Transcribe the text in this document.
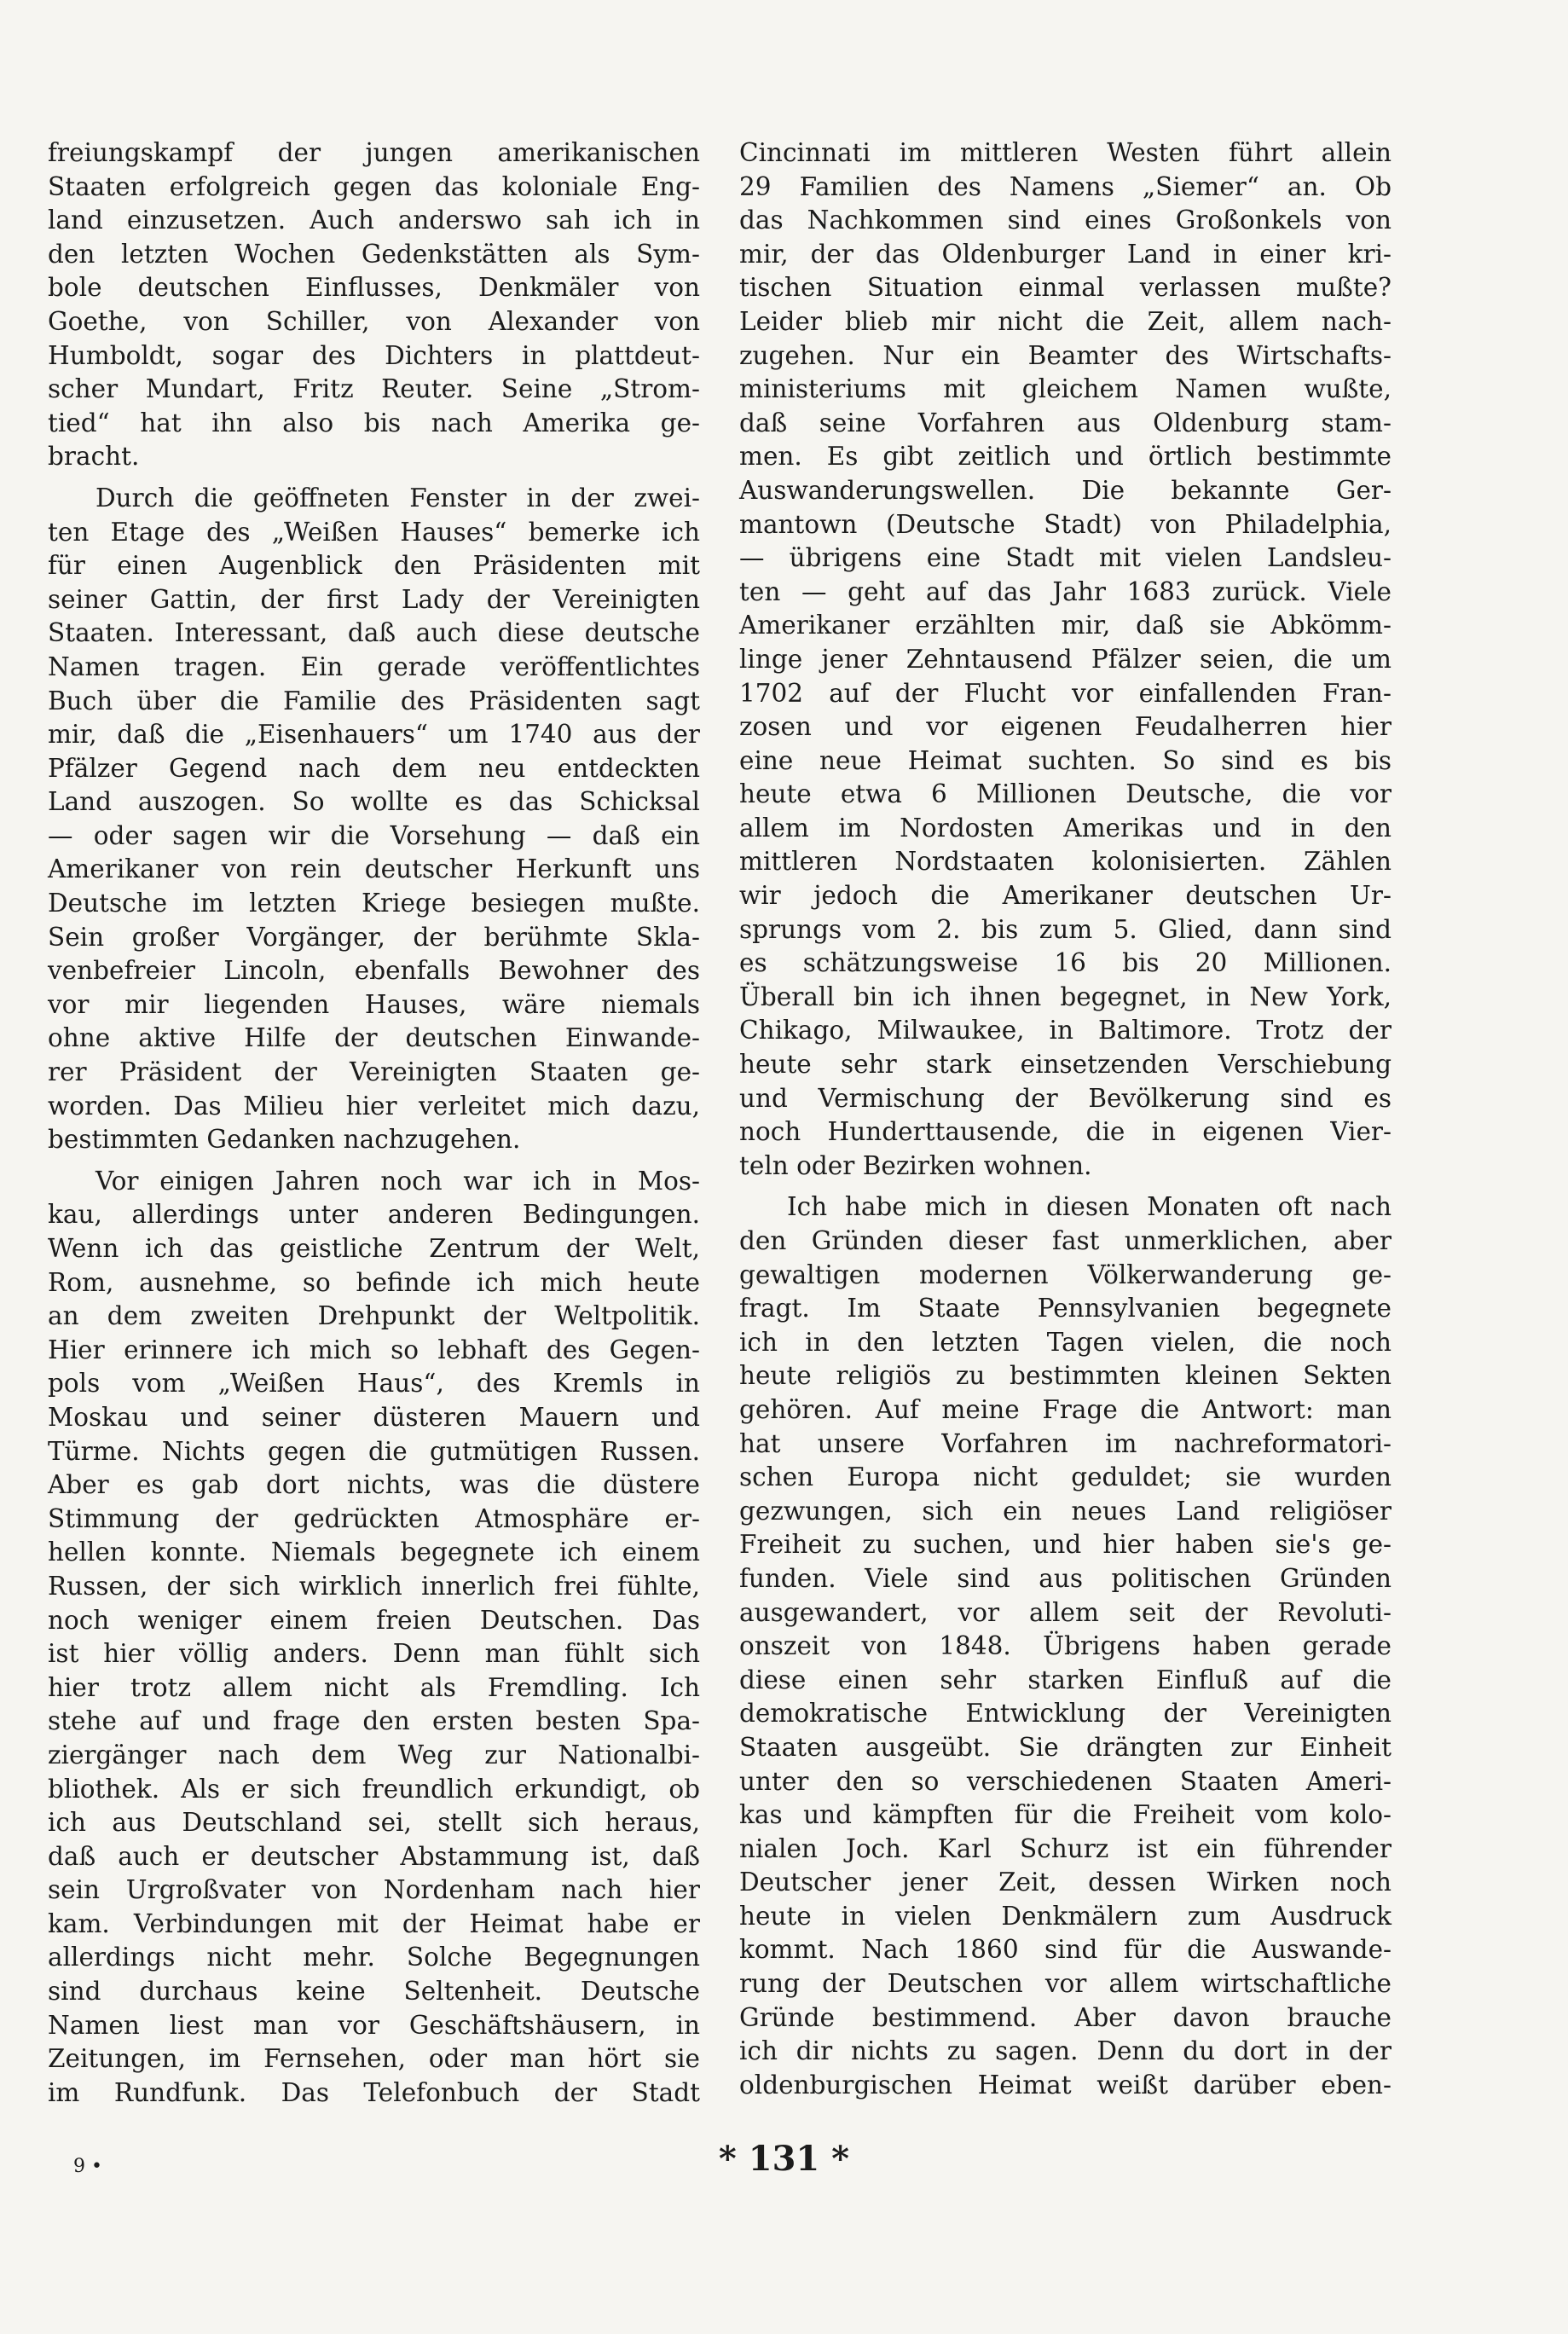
freiungskampf der jungen amerikanischen
Staaten erfolgreich gegen das koloniale Eng-
land einzusetzen. Auch anderswo sah ich in
den letzten Wochen Gedenkstätten als Sym-
bole deutschen Einflusses, Denkmäler von
Goethe, von Schiller, von Alexander von
Humboldt, sogar des Dichters in plattdeut-
scher Mundart, Fritz Reuter. Seine „Strom-
tied“ hat ihn also bis nach Amerika ge-
bracht.
Durch die geöffneten Fenster in der zwei-
ten Etage des „Weißen Hauses“ bemerke ich
für einen Augenblick den Präsidenten mit
seiner Gattin, der first Lady der Vereinigten
Staaten. Interessant, daß auch diese deutsche
Namen tragen. Ein gerade veröffentlichtes
Buch über die Familie des Präsidenten sagt
mir, daß die „Eisenhauers“ um 1740 aus der
Pfälzer Gegend nach dem neu entdeckten
Land auszogen. So wollte es das Schicksal
— oder sagen wir die Vorsehung — daß ein
Amerikaner von rein deutscher Herkunft uns
Deutsche im letzten Kriege besiegen mußte.
Sein großer Vorgänger, der berühmte Skla-
venbefreier Lincoln, ebenfalls Bewohner des
vor mir liegenden Hauses, wäre niemals
ohne aktive Hilfe der deutschen Einwande-
rer Präsident der Vereinigten Staaten ge-
worden. Das Milieu hier verleitet mich dazu,
bestimmten Gedanken nachzugehen.
Vor einigen Jahren noch war ich in Mos-
kau, allerdings unter anderen Bedingungen.
Wenn ich das geistliche Zentrum der Welt,
Rom, ausnehme, so befinde ich mich heute
an dem zweiten Drehpunkt der Weltpolitik.
Hier erinnere ich mich so lebhaft des Gegen-
pols vom „Weißen Haus“, des Kremls in
Moskau und seiner düsteren Mauern und
Türme. Nichts gegen die gutmütigen Russen.
Aber es gab dort nichts, was die düstere
Stimmung der gedrückten Atmosphäre er-
hellen konnte. Niemals begegnete ich einem
Russen, der sich wirklich innerlich frei fühlte,
noch weniger einem freien Deutschen. Das
ist hier völlig anders. Denn man fühlt sich
hier trotz allem nicht als Fremdling. Ich
stehe auf und frage den ersten besten Spa-
ziergänger nach dem Weg zur Nationalbi-
bliothek. Als er sich freundlich erkundigt, ob
ich aus Deutschland sei, stellt sich heraus,
daß auch er deutscher Abstammung ist, daß
sein Urgroßvater von Nordenham nach hier
kam. Verbindungen mit der Heimat habe er
allerdings nicht mehr. Solche Begegnungen
sind durchaus keine Seltenheit. Deutsche
Namen liest man vor Geschäftshäusern, in
Zeitungen, im Fernsehen, oder man hört sie
im Rundfunk. Das Telefonbuch der Stadt
Cincinnati im mittleren Westen führt allein
29 Familien des Namens „Siemer“ an. Ob
das Nachkommen sind eines Großonkels von
mir, der das Oldenburger Land in einer kri-
tischen Situation einmal verlassen mußte?
Leider blieb mir nicht die Zeit, allem nach-
zugehen. Nur ein Beamter des Wirtschafts-
ministeriums mit gleichem Namen wußte,
daß seine Vorfahren aus Oldenburg stam-
men. Es gibt zeitlich und örtlich bestimmte
Auswanderungswellen. Die bekannte Ger-
mantown (Deutsche Stadt) von Philadelphia,
— übrigens eine Stadt mit vielen Landsleu-
ten — geht auf das Jahr 1683 zurück. Viele
Amerikaner erzählten mir, daß sie Abkömm-
linge jener Zehntausend Pfälzer seien, die um
1702 auf der Flucht vor einfallenden Fran-
zosen und vor eigenen Feudalherren hier
eine neue Heimat suchten. So sind es bis
heute etwa 6 Millionen Deutsche, die vor
allem im Nordosten Amerikas und in den
mittleren Nordstaaten kolonisierten. Zählen
wir jedoch die Amerikaner deutschen Ur-
sprungs vom 2. bis zum 5. Glied, dann sind
es schätzungsweise 16 bis 20 Millionen.
Überall bin ich ihnen begegnet, in New York,
Chikago, Milwaukee, in Baltimore. Trotz der
heute sehr stark einsetzenden Verschiebung
und Vermischung der Bevölkerung sind es
noch Hunderttausende, die in eigenen Vier-
teln oder Bezirken wohnen.
Ich habe mich in diesen Monaten oft nach
den Gründen dieser fast unmerklichen, aber
gewaltigen modernen Völkerwanderung ge-
fragt. Im Staate Pennsylvanien begegnete
ich in den letzten Tagen vielen, die noch
heute religiös zu bestimmten kleinen Sekten
gehören. Auf meine Frage die Antwort: man
hat unsere Vorfahren im nachreformatori-
schen Europa nicht geduldet; sie wurden
gezwungen, sich ein neues Land religiöser
Freiheit zu suchen, und hier haben sie's ge-
funden. Viele sind aus politischen Gründen
ausgewandert, vor allem seit der Revoluti-
onszeit von 1848. Übrigens haben gerade
diese einen sehr starken Einfluß auf die
demokratische Entwicklung der Vereinigten
Staaten ausgeübt. Sie drängten zur Einheit
unter den so verschiedenen Staaten Ameri-
kas und kämpften für die Freiheit vom kolo-
nialen Joch. Karl Schurz ist ein führender
Deutscher jener Zeit, dessen Wirken noch
heute in vielen Denkmälern zum Ausdruck
kommt. Nach 1860 sind für die Auswande-
rung der Deutschen vor allem wirtschaftliche
Gründe bestimmend. Aber davon brauche
ich dir nichts zu sagen. Denn du dort in der
oldenburgischen Heimat weißt darüber eben-
9 •	* 131 *
